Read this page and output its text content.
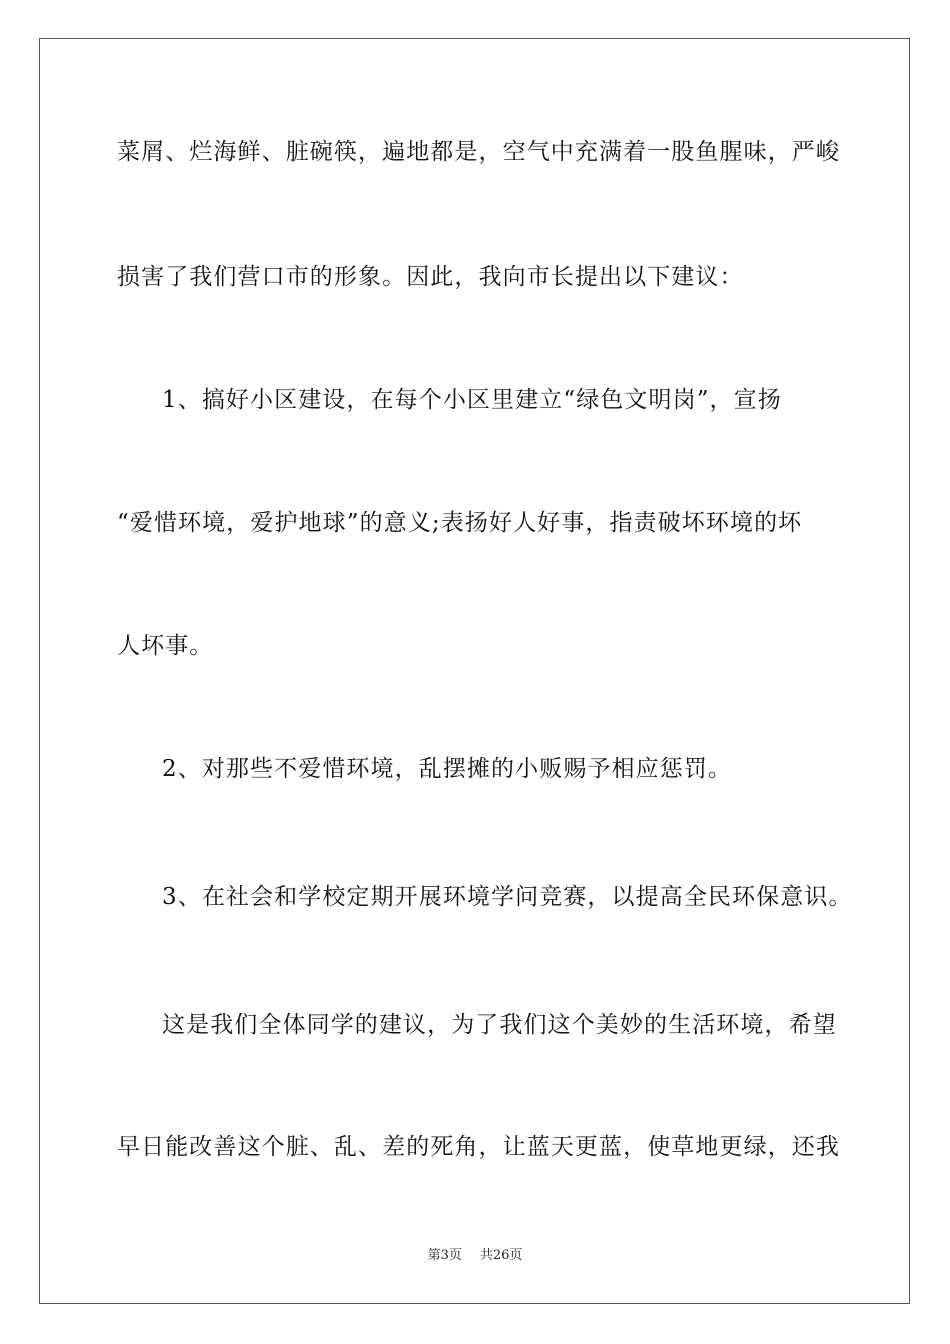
菜屑、烂海鲜、脏碗筷，遍地都是，空气中充满着一股鱼腥味，严峻
损害了我们营口市的形象。因此，我向市长提出以下建议：
1、搞好小区建设，在每个小区里建立“绿色文明岗”，宣扬
“爱惜环境，爱护地球”的意义;表扬好人好事，指责破坏环境的坏
人坏事。
2、对那些不爱惜环境，乱摆摊的小贩赐予相应惩罚。
3、在社会和学校定期开展环境学问竞赛，以提高全民环保意识。
这是我们全体同学的建议，为了我们这个美妙的生活环境，希望
早日能改善这个脏、乱、差的死角，让蓝天更蓝，使草地更绿，还我
第3页 共26页
